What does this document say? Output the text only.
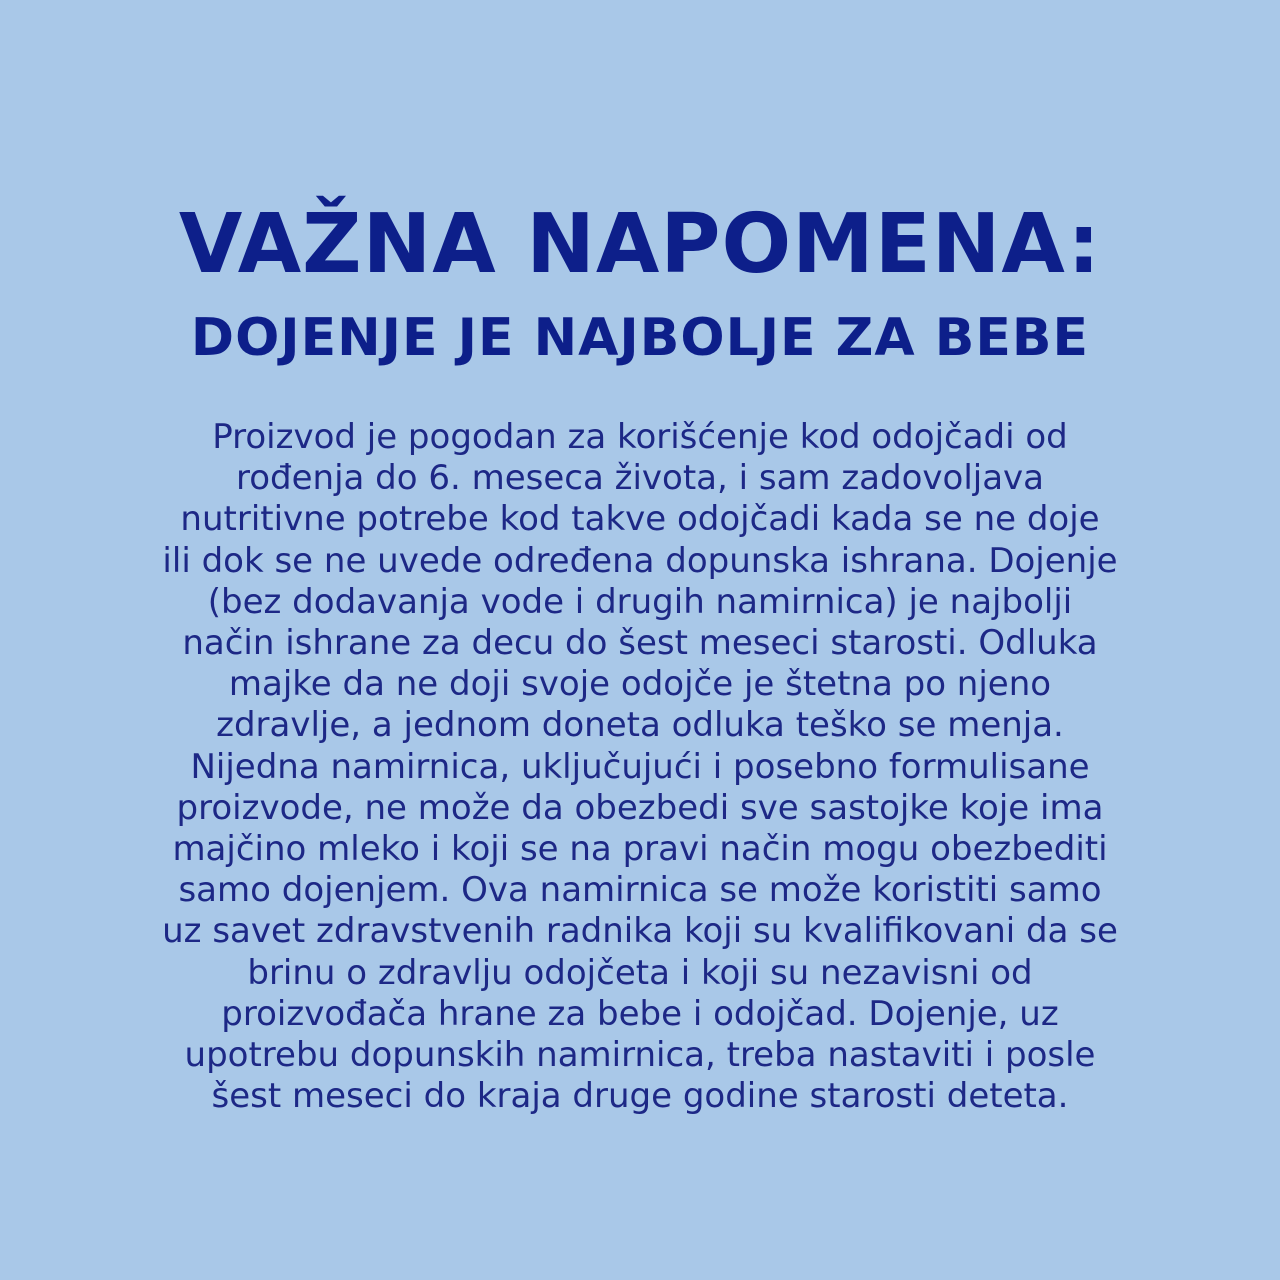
VAŽNA NAPOMENA:
DOJENJE JE NAJBOLJE ZA BEBE
Proizvod je pogodan za korišćenje kod odojčadi od
rođenja do 6. meseca života, i sam zadovoljava
nutritivne potrebe kod takve odojčadi kada se ne doje
ili dok se ne uvede određena dopunska ishrana. Dojenje
(bez dodavanja vode i drugih namirnica) je najbolji
način ishrane za decu do šest meseci starosti. Odluka
majke da ne doji svoje odojče je štetna po njeno
zdravlje, a jednom doneta odluka teško se menja.
Nijedna namirnica, uključujući i posebno formulisane
proizvode, ne može da obezbedi sve sastojke koje ima
majčino mleko i koji se na pravi način mogu obezbediti
samo dojenjem. Ova namirnica se može koristiti samo
uz savet zdravstvenih radnika koji su kvalifikovani da se
brinu o zdravlju odojčeta i koji su nezavisni od
proizvođača hrane za bebe i odojčad. Dojenje, uz
upotrebu dopunskih namirnica, treba nastaviti i posle
šest meseci do kraja druge godine starosti deteta.
